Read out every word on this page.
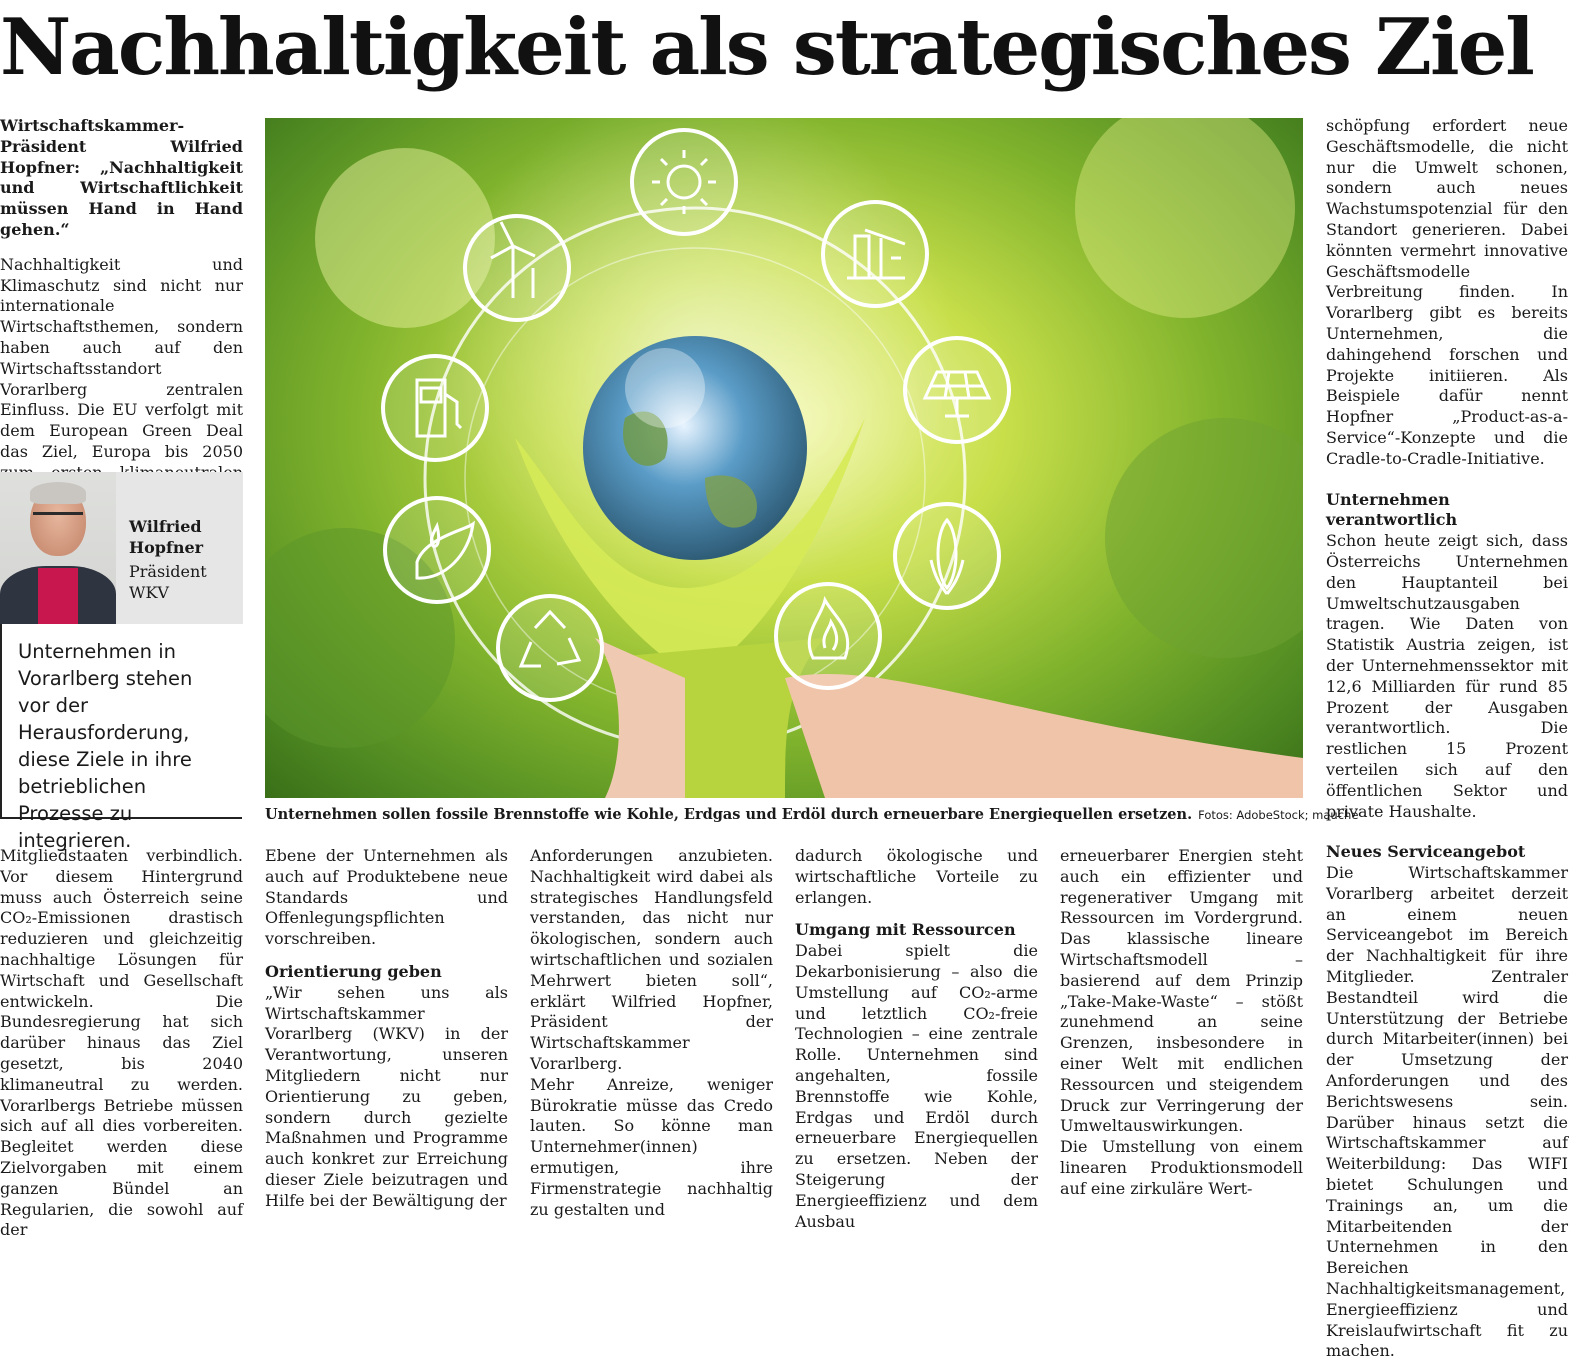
Nachhaltigkeit als strategisches Ziel

Wirtschaftskammer-Präsident Wilfried Hopfner: „Nachhaltigkeit und Wirtschaftlichkeit müssen Hand in Hand gehen.“

Nachhaltigkeit und Klimaschutz sind nicht nur internationale Wirtschaftsthemen, sondern haben auch auf den Wirtschaftsstandort Vorarlberg zentralen Einfluss. Die EU verfolgt mit dem European Green Deal das Ziel, Europa bis 2050

Wilfried Hopfner
Präsident WKV

Unternehmen in Vorarlberg stehen vor der Herausforderung, diese Ziele in ihre betrieblichen Prozesse zu integrieren.

Unternehmen sollen fossile Brennstoffe wie Kohle, Erdgas und Erdöl durch erneuerbare Energiequellen ersetzen. Fotos: AdobeStock; mauche

Mitgliedstaaten verbindlich. Vor diesem Hintergrund muss auch Österreich seine CO₂-Emissionen drastisch reduzieren und gleichzeitig nachhaltige Lösungen für Wirtschaft und Gesellschaft entwickeln. Die Bundesregierung hat sich darüber hinaus das Ziel gesetzt, bis 2040 klimaneutral zu werden. Vorarlbergs Betriebe müssen sich auf all dies vorbereiten. Begleitet werden diese Zielvorgaben mit einem ganzen Bündel an Regularien, die sowohl auf der

Ebene der Unternehmen als auch auf Produktebene neue Standards und Offenlegungspflichten vorschreiben.

Orientierung geben

„Wir sehen uns als Wirtschaftskammer Vorarlberg (WKV) in der Verantwortung, unseren Mitgliedern nicht nur Orientierung zu geben, sondern durch gezielte Maßnahmen und Programme auch konkret zur Erreichung dieser Ziele beizutragen und Hilfe bei der Bewältigung der

Anforderungen anzubieten. Nachhaltigkeit wird dabei als strategisches Handlungsfeld verstanden, das nicht nur ökologischen, sondern auch wirtschaftlichen und sozialen Mehrwert bieten soll“, erklärt Wilfried Hopfner, Präsident der Wirtschaftskammer Vorarlberg.

Mehr Anreize, weniger Bürokratie müsse das Credo lauten. So könne man Unternehmer(innen) ermutigen, ihre Firmenstrategie nachhaltig zu gestalten und

dadurch ökologische und wirtschaftliche Vorteile zu erlangen.

Umgang mit Ressourcen

Dabei spielt die Dekarbonisierung – also die Umstellung auf CO₂-arme und letztlich CO₂-freie Technologien – eine zentrale Rolle. Unternehmen sind angehalten, fossile Brennstoffe wie Kohle, Erdgas und Erdöl durch erneuerbare Energiequellen zu ersetzen. Neben der Steigerung der Energieeffizienz und dem Ausbau

erneuerbarer Energien steht auch ein effizienter und regenerativer Umgang mit Ressourcen im Vordergrund. Das klassische lineare Wirtschaftsmodell – basierend auf dem Prinzip „Take-Make-Waste“ – stößt zunehmend an seine Grenzen, insbesondere in einer Welt mit endlichen Ressourcen und steigendem Druck zur Verringerung der Umweltauswirkungen.

Die Umstellung von einem linearen Produktionsmodell auf eine zirkuläre Wert-

schöpfung erfordert neue Geschäftsmodelle, die nicht nur die Umwelt schonen, sondern auch neues Wachstumspotenzial für den Standort generieren. Dabei könnten vermehrt innovative Geschäftsmodelle Verbreitung finden. In Vorarlberg gibt es bereits Unternehmen, die dahingehend forschen und Projekte initiieren. Als Beispiele dafür nennt Hopfner „Product-as-a-Service“-Konzepte und die Cradle-to-Cradle-Initiative.

Unternehmen verantwortlich

Schon heute zeigt sich, dass Österreichs Unternehmen den Hauptanteil bei Umweltschutzausgaben tragen. Wie Daten von Statistik Austria zeigen, ist der Unternehmenssektor mit 12,6 Milliarden für rund 85 Prozent der Ausgaben verantwortlich. Die restlichen 15 Prozent verteilen sich auf den öffentlichen Sektor und private Haushalte.

Neues Serviceangebot

Die Wirtschaftskammer Vorarlberg arbeitet derzeit an einem neuen Serviceangebot im Bereich der Nachhaltigkeit für ihre Mitglieder. Zentraler Bestandteil wird die Unterstützung der Betriebe durch Mitarbeiter(innen) bei der Umsetzung der Anforderungen und des Berichtswesens sein. Darüber hinaus setzt die Wirtschaftskammer auf Weiterbildung: Das WIFI bietet Schulungen und Trainings an, um die Mitarbeitenden der Unternehmen in den Bereichen Nachhaltigkeitsmanagement, Energieeffizienz und Kreislaufwirtschaft fit zu machen.
